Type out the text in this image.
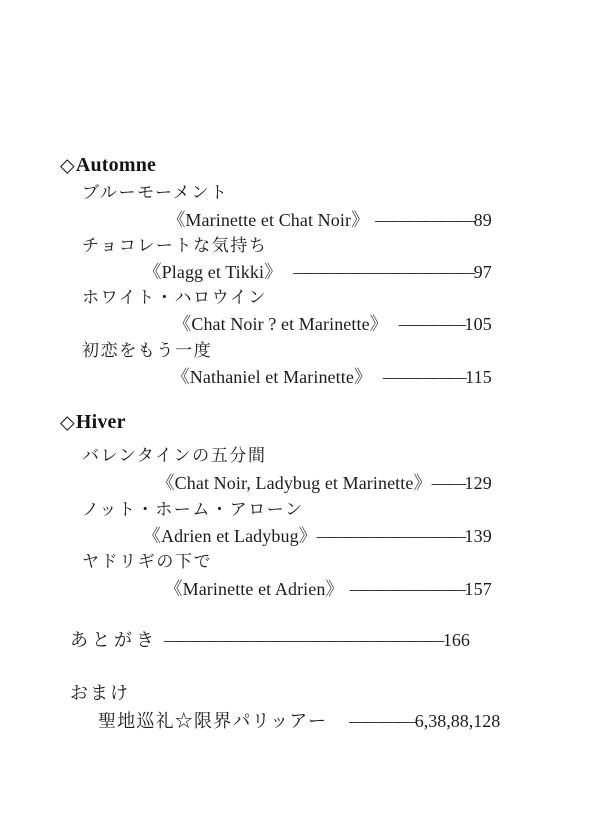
◇Automne
ブルーモーメント
《Marinette et Chat Noir》 —————— 89
チョコレートな気持ち
《Plagg et Tikki》 ——————————— 97
ホワイト・ハロウイン
《Chat Noir ? et Marinette》 ———— 105
初恋をもう一度
《Nathaniel et Marinette》 ————— 115
◇Hiver
バレンタインの五分間
《Chat Noir, Ladybug et Marinette》 —— 129
ノット・ホーム・アローン
《Adrien et Ladybug》 ————————— 139
ヤドリギの下で
《Marinette et Adrien》 ——————— 157
あとがき ————————————————— 166
おまけ
聖地巡礼☆限界パリッアー ———— 6,38,88,128
